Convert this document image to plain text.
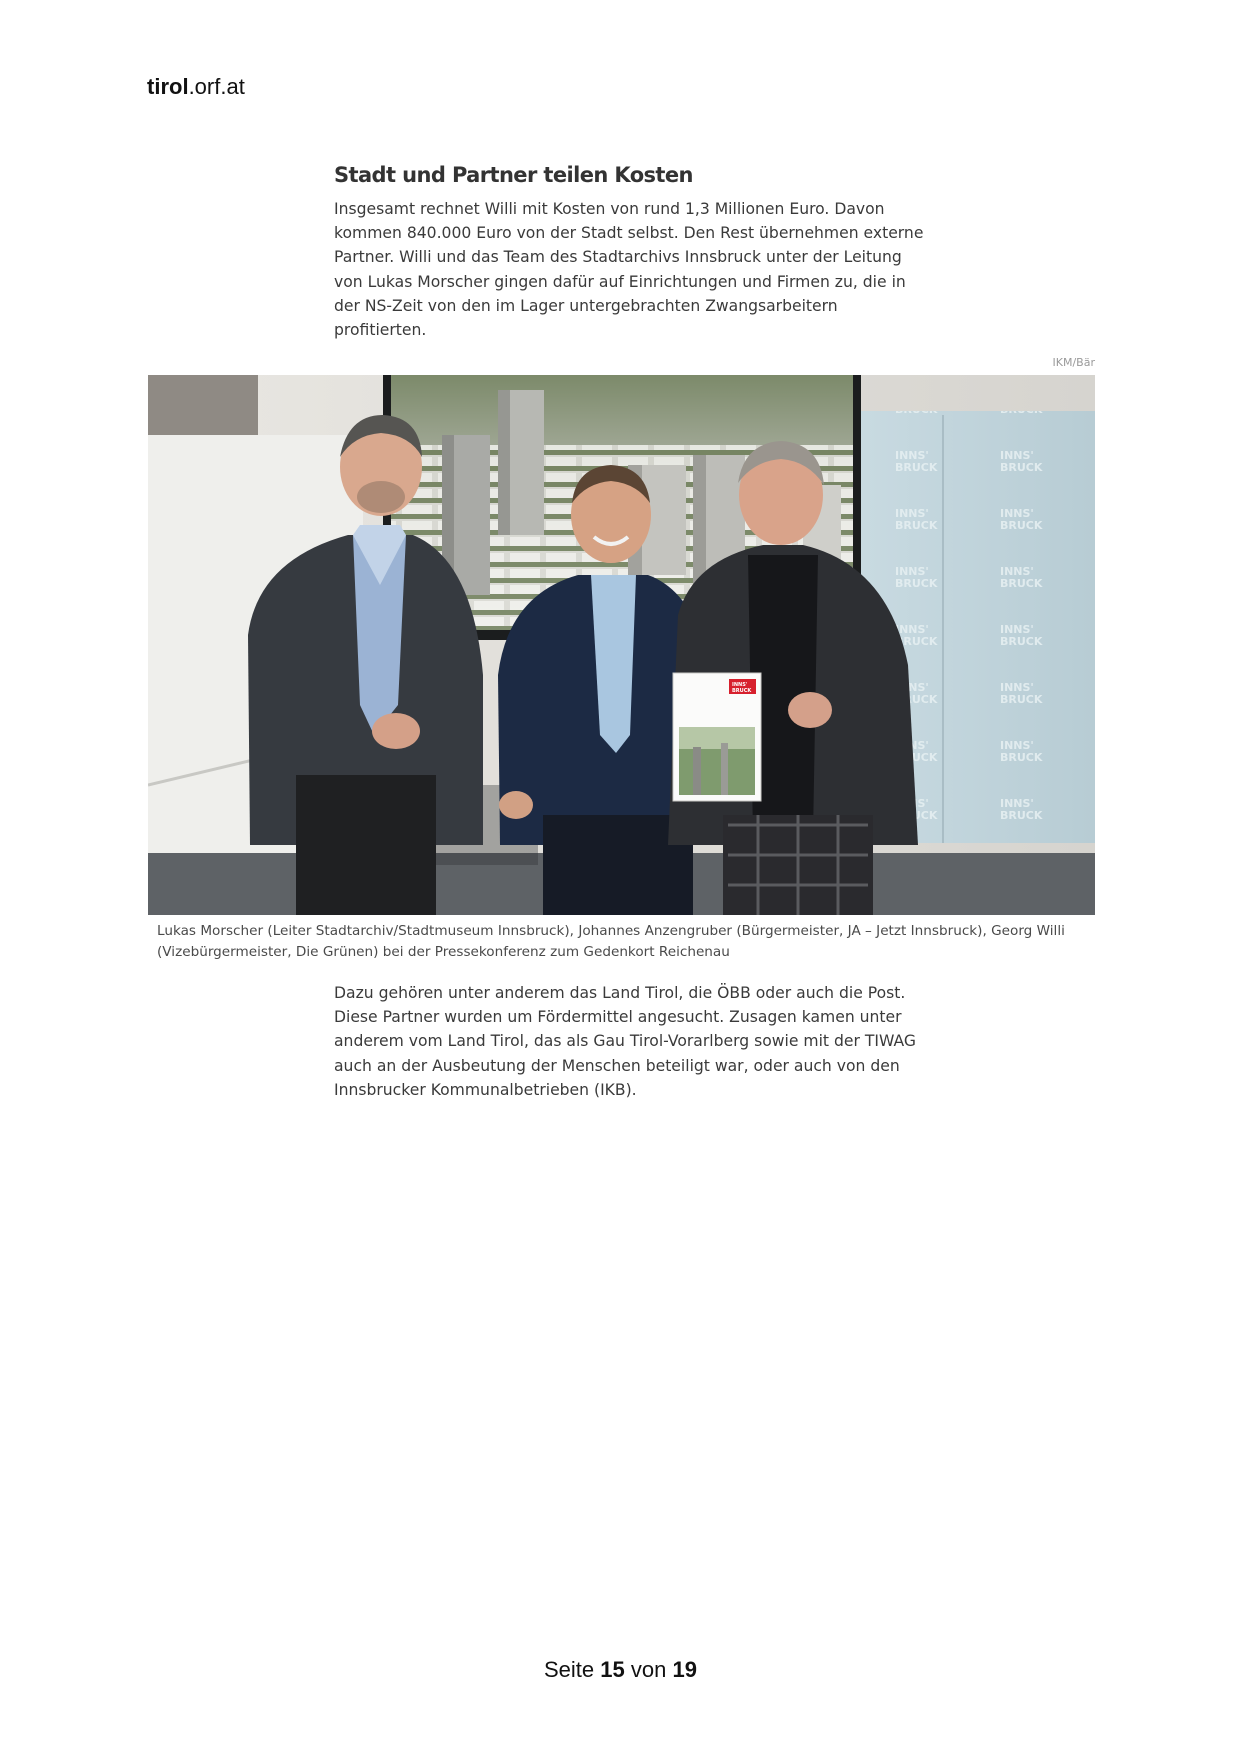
tirol.orf.at
Stadt und Partner teilen Kosten

Insgesamt rechnet Willi mit Kosten von rund 1,3 Millionen Euro. Davon kommen 840.000 Euro von der Stadt selbst. Den Rest übernehmen externe Partner. Willi und das Team des Stadtarchivs Innsbruck unter der Leitung von Lukas Morscher gingen dafür auf Einrichtungen und Firmen zu, die in der NS-Zeit von den im Lager untergebrachten Zwangsarbeitern profitierten.

IKM/Bär
INNS'
BRUCK

Lukas Morscher (Leiter Stadtarchiv/Stadtmuseum Innsbruck), Johannes Anzengruber (Bürgermeister, JA – Jetzt Innsbruck), Georg Willi (Vizebürgermeister, Die Grünen) bei der Pressekonferenz zum Gedenkort Reichenau

Dazu gehören unter anderem das Land Tirol, die ÖBB oder auch die Post. Diese Partner wurden um Fördermittel angesucht. Zusagen kamen unter anderem vom Land Tirol, das als Gau Tirol-Vorarlberg sowie mit der TIWAG auch an der Ausbeutung der Menschen beteiligt war, oder auch von den Innsbrucker Kommunalbetrieben (IKB).

Seite 15 von 19
